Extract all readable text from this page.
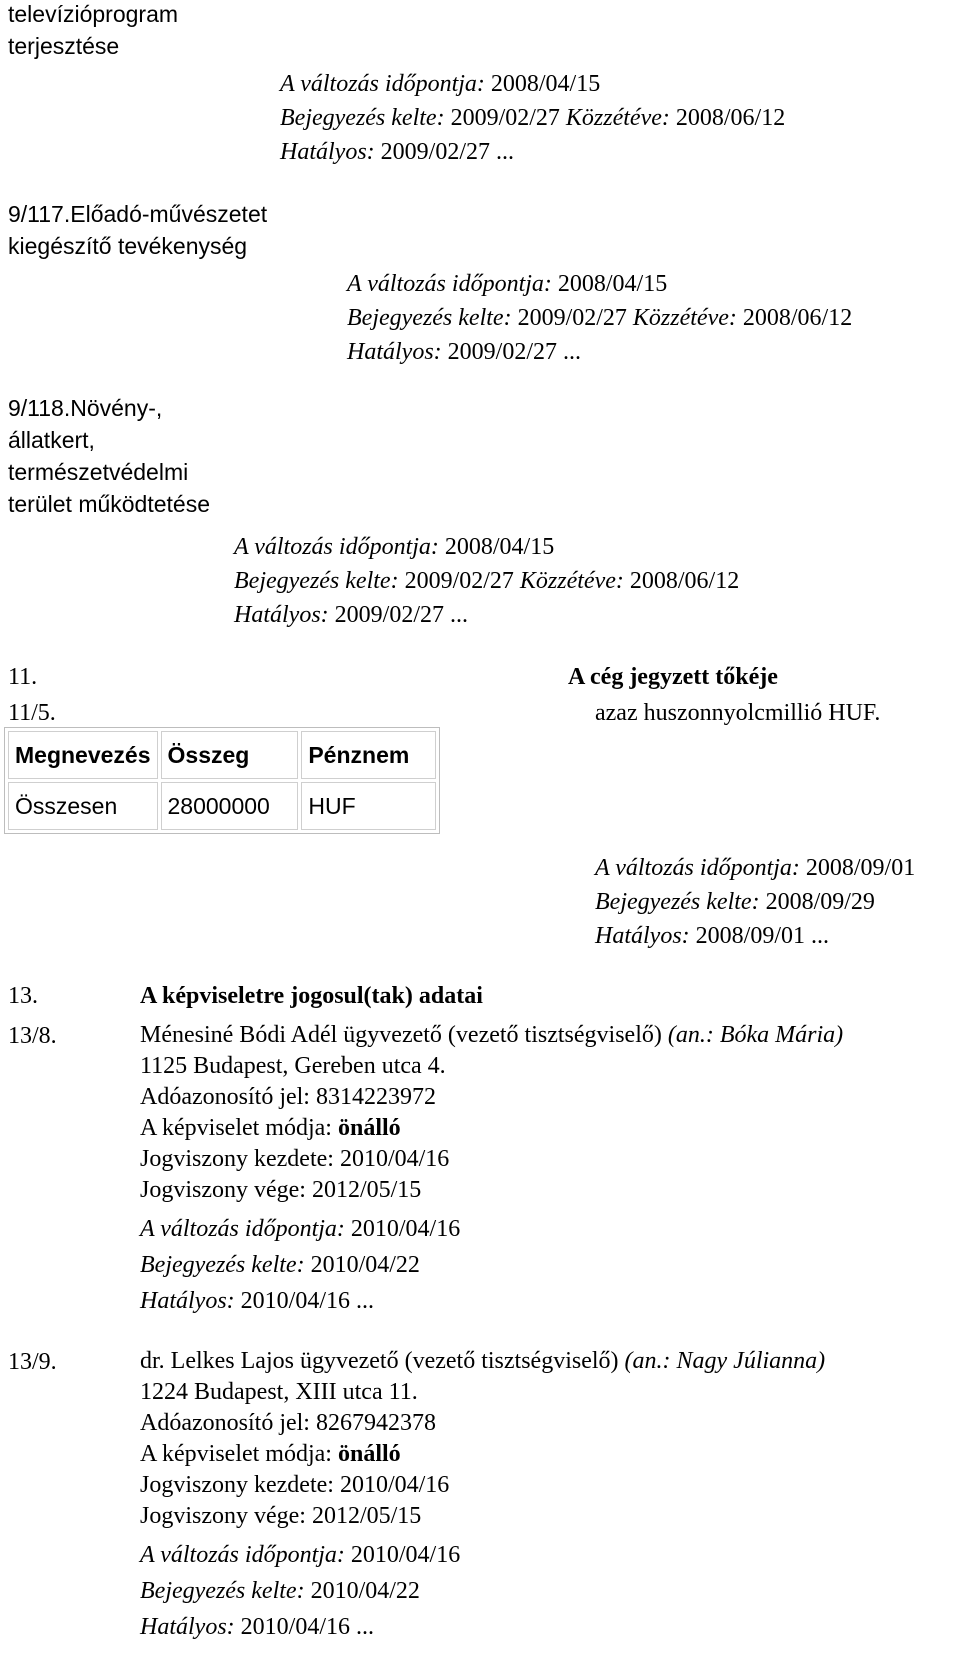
televízióprogram
terjesztése
A változás időpontja: 2008/04/15
Bejegyezés kelte: 2009/02/27 Közzétéve: 2008/06/12
Hatályos: 2009/02/27 ...
9/117.Előadó-művészetet
kiegészítő tevékenység
A változás időpontja: 2008/04/15
Bejegyezés kelte: 2009/02/27 Közzétéve: 2008/06/12
Hatályos: 2009/02/27 ...
9/118.Növény-,
állatkert,
természetvédelmi
terület működtetése
A változás időpontja: 2008/04/15
Bejegyezés kelte: 2009/02/27 Közzétéve: 2008/06/12
Hatályos: 2009/02/27 ...
11.	A cég jegyzett tőkéje
11/5.	azaz huszonnyolcmillió HUF.
Megnevezés	Összeg	Pénznem
Összesen	28000000	HUF
A változás időpontja: 2008/09/01
Bejegyezés kelte: 2008/09/29
Hatályos: 2008/09/01 ...
13.	A képviseletre jogosul(tak) adatai
13/8.	Ménesiné Bódi Adél ügyvezető (vezető tisztségviselő) (an.: Bóka Mária)
1125 Budapest, Gereben utca 4.
Adóazonosító jel: 8314223972
A képviselet módja: önálló
Jogviszony kezdete: 2010/04/16
Jogviszony vége: 2012/05/15
A változás időpontja: 2010/04/16
Bejegyezés kelte: 2010/04/22
Hatályos: 2010/04/16 ...
13/9.	dr. Lelkes Lajos ügyvezető (vezető tisztségviselő) (an.: Nagy Júlianna)
1224 Budapest, XIII utca 11.
Adóazonosító jel: 8267942378
A képviselet módja: önálló
Jogviszony kezdete: 2010/04/16
Jogviszony vége: 2012/05/15
A változás időpontja: 2010/04/16
Bejegyezés kelte: 2010/04/22
Hatályos: 2010/04/16 ...
